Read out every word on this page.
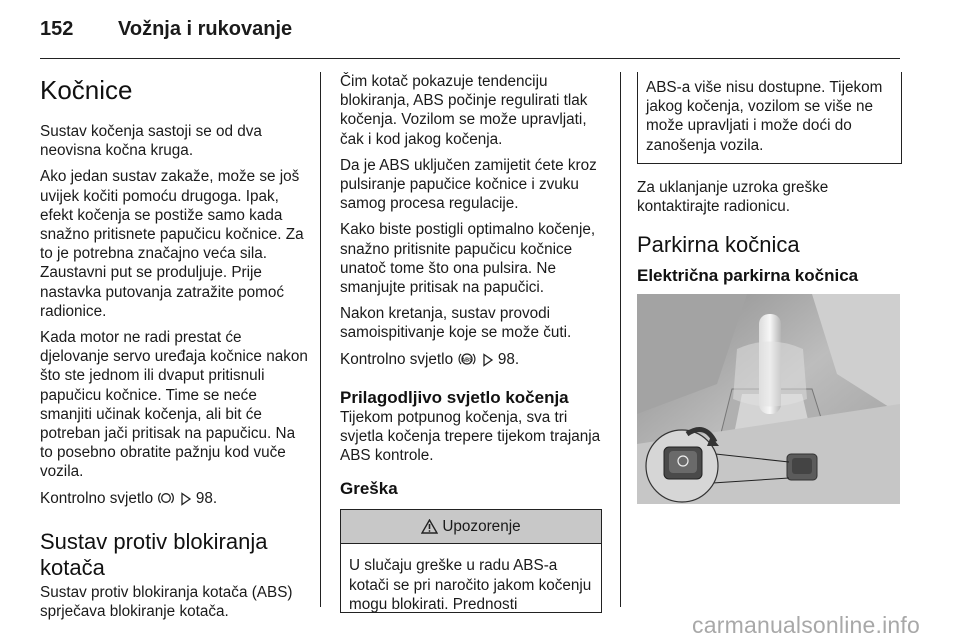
152	Vožnja i rukovanje
Kočnice

Sustav kočenja sastoji se od dva neovisna kočna kruga.

Ako jedan sustav zakaže, može se još uvijek kočiti pomoću drugoga. Ipak, efekt kočenja se postiže samo kada snažno pritisnete papučicu kočnice. Za to je potrebna značajno veća sila. Zaustavni put se produljuje. Prije nastavka putovanja zatražite pomoć radionice.

Kada motor ne radi prestat će djelovanje servo uređaja kočnice nakon što ste jednom ili dvaput pritisnuli papučicu kočnice. Time se neće smanjiti učinak kočenja, ali bit će potreban jači pritisak na papučicu. Na to posebno obratite pažnju kod vuče vozila.

Kontrolno svjetlo	98.

Sustav protiv blokiranja kotača

Sustav protiv blokiranja kotača (ABS) sprječava blokiranje kotača.

Čim kotač pokazuje tendenciju blokiranja, ABS počinje regulirati tlak kočenja. Vozilom se može upravljati, čak i kod jakog kočenja.

Da je ABS uključen zamijetit ćete kroz pulsiranje papučice kočnice i zvuku samog procesa regulacije.

Kako biste postigli optimalno kočenje, snažno pritisnite papučicu kočnice unatoč tome što ona pulsira. Ne smanjujte pritisak na papučici.

Nakon kretanja, sustav provodi samoispitivanje koje se može čuti.

Kontrolno svjetlo ABS 98.

Prilagodljivo svjetlo kočenja

Tijekom potpunog kočenja, sva tri svjetla kočenja trepere tijekom trajanja ABS kontrole.

Greška
Upozorenje
U slučaju greške u radu ABS-a kotači se pri naročito jakom kočenju mogu blokirati. Prednosti
ABS-a više nisu dostupne. Tijekom jakog kočenja, vozilom se više ne može upravljati i može doći do zanošenja vozila.

Za uklanjanje uzroka greške kontaktirajte radionicu.

Parkirna kočnica
Električna parkirna kočnica
carmanualsonline.info
